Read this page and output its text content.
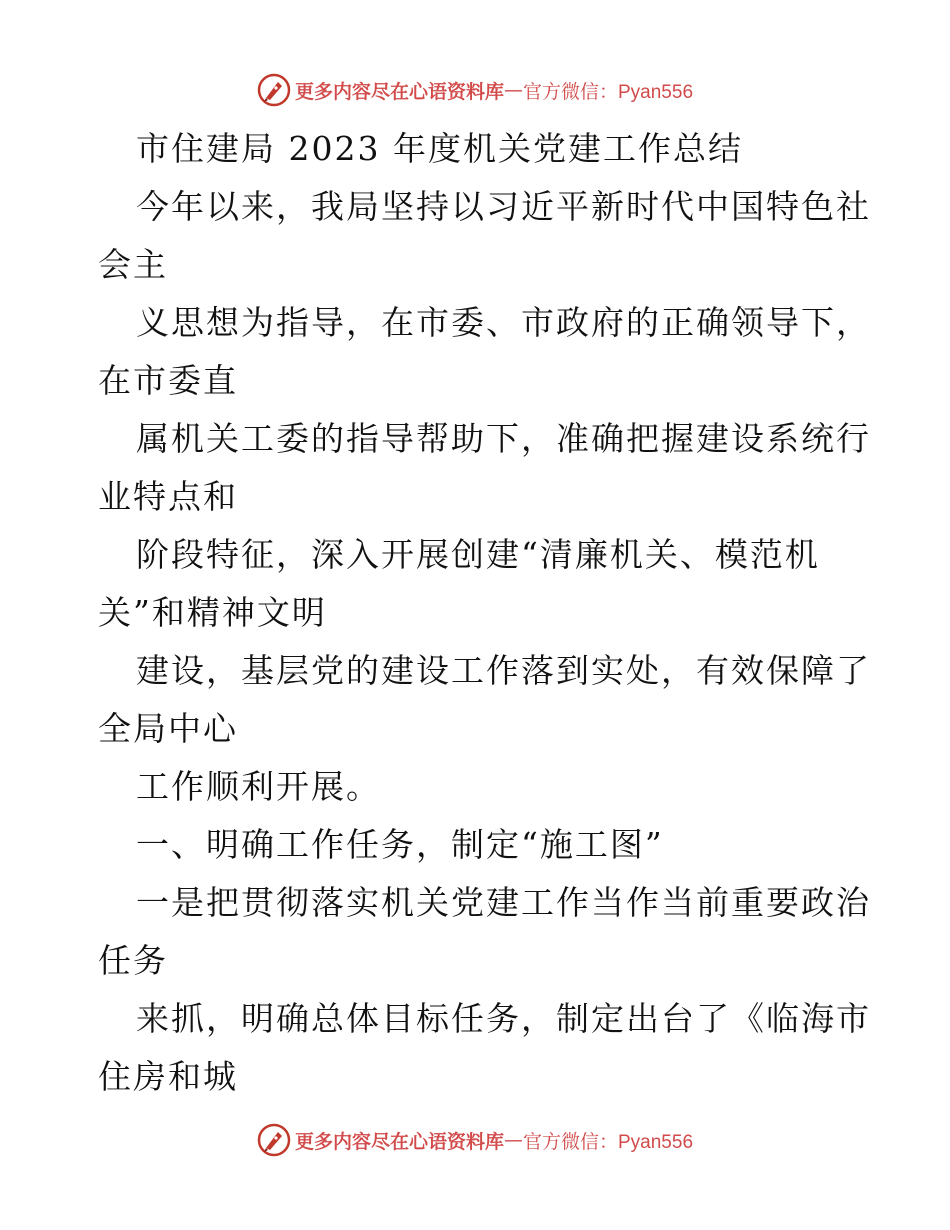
更多内容尽在心语资料库 — 官方微信：Pyan556
市住建局 2023 年度机关党建工作总结
今年以来，我局坚持以习近平新时代中国特色社
会主
义思想为指导，在市委、市政府的正确领导下，
在市委直
属机关工委的指导帮助下，准确把握建设系统行
业特点和
阶段特征，深入开展创建“清廉机关、模范机
关”和精神文明
建设，基层党的建设工作落到实处，有效保障了
全局中心
工作顺利开展。
一、明确工作任务，制定“施工图”
一是把贯彻落实机关党建工作当作当前重要政治
任务
来抓，明确总体目标任务，制定出台了《临海市
住房和城
更多内容尽在心语资料库 — 官方微信：Pyan556
